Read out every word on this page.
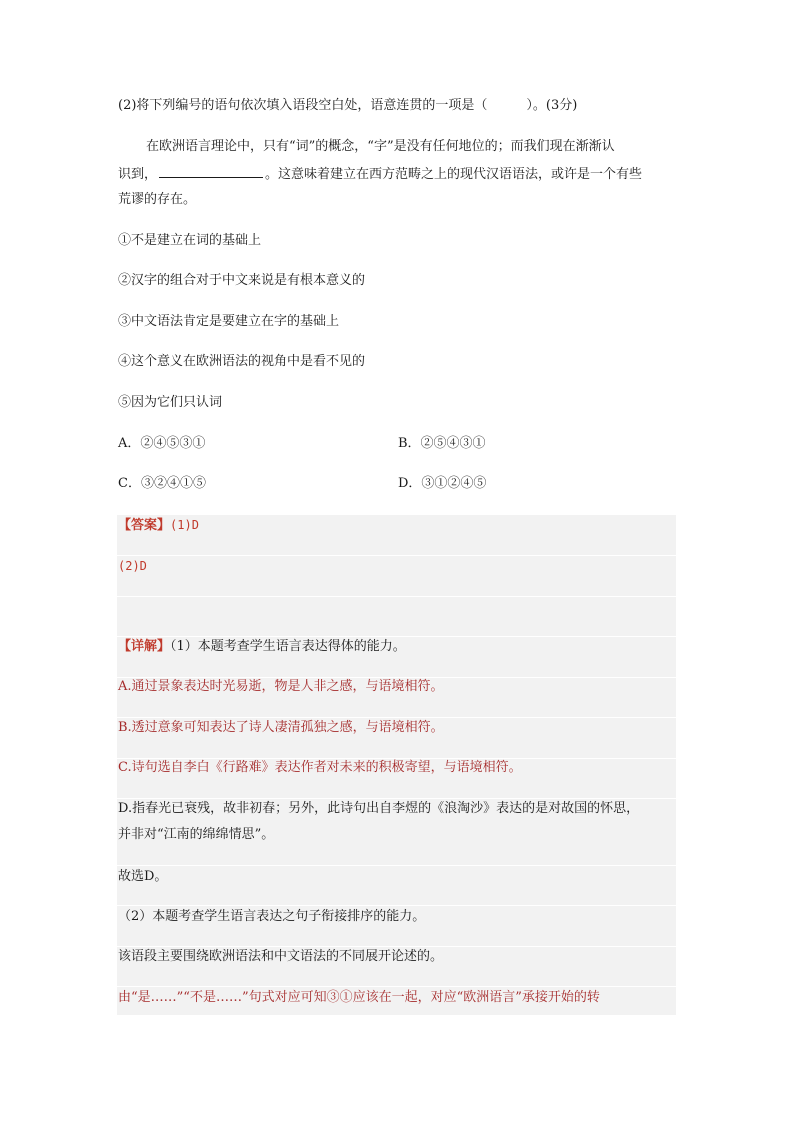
(2)将下列编号的语句依次填入语段空白处，语意连贯的一项是（　　　）。(3分)
在欧洲语言理论中，只有“词”的概念，“字”是没有任何地位的；而我们现在渐渐认
识到，	。这意味着建立在西方范畴之上的现代汉语语法，或许是一个有些
荒谬的存在。
①不是建立在词的基础上
②汉字的组合对于中文来说是有根本意义的
③中文语法肯定是要建立在字的基础上
④这个意义在欧洲语法的视角中是看不见的
⑤因为它们只认词
A．②④⑤③①	B．②⑤④③①
C．③②④①⑤	D．③①②④⑤
【答案】(1)D
(2)D
【详解】（1）本题考查学生语言表达得体的能力。
A.通过景象表达时光易逝，物是人非之感，与语境相符。
B.透过意象可知表达了诗人凄清孤独之感，与语境相符。
C.诗句选自李白《行路难》表达作者对未来的积极寄望，与语境相符。
D.指春光已衰残，故非初春；另外，此诗句出自李煜的《浪淘沙》表达的是对故国的怀思，
并非对“江南的绵绵情思”。
故选D。
（2）本题考查学生语言表达之句子衔接排序的能力。
该语段主要围绕欧洲语法和中文语法的不同展开论述的。
由“是……”“不是……”句式对应可知③①应该在一起，对应“欧洲语言”承接开始的转
